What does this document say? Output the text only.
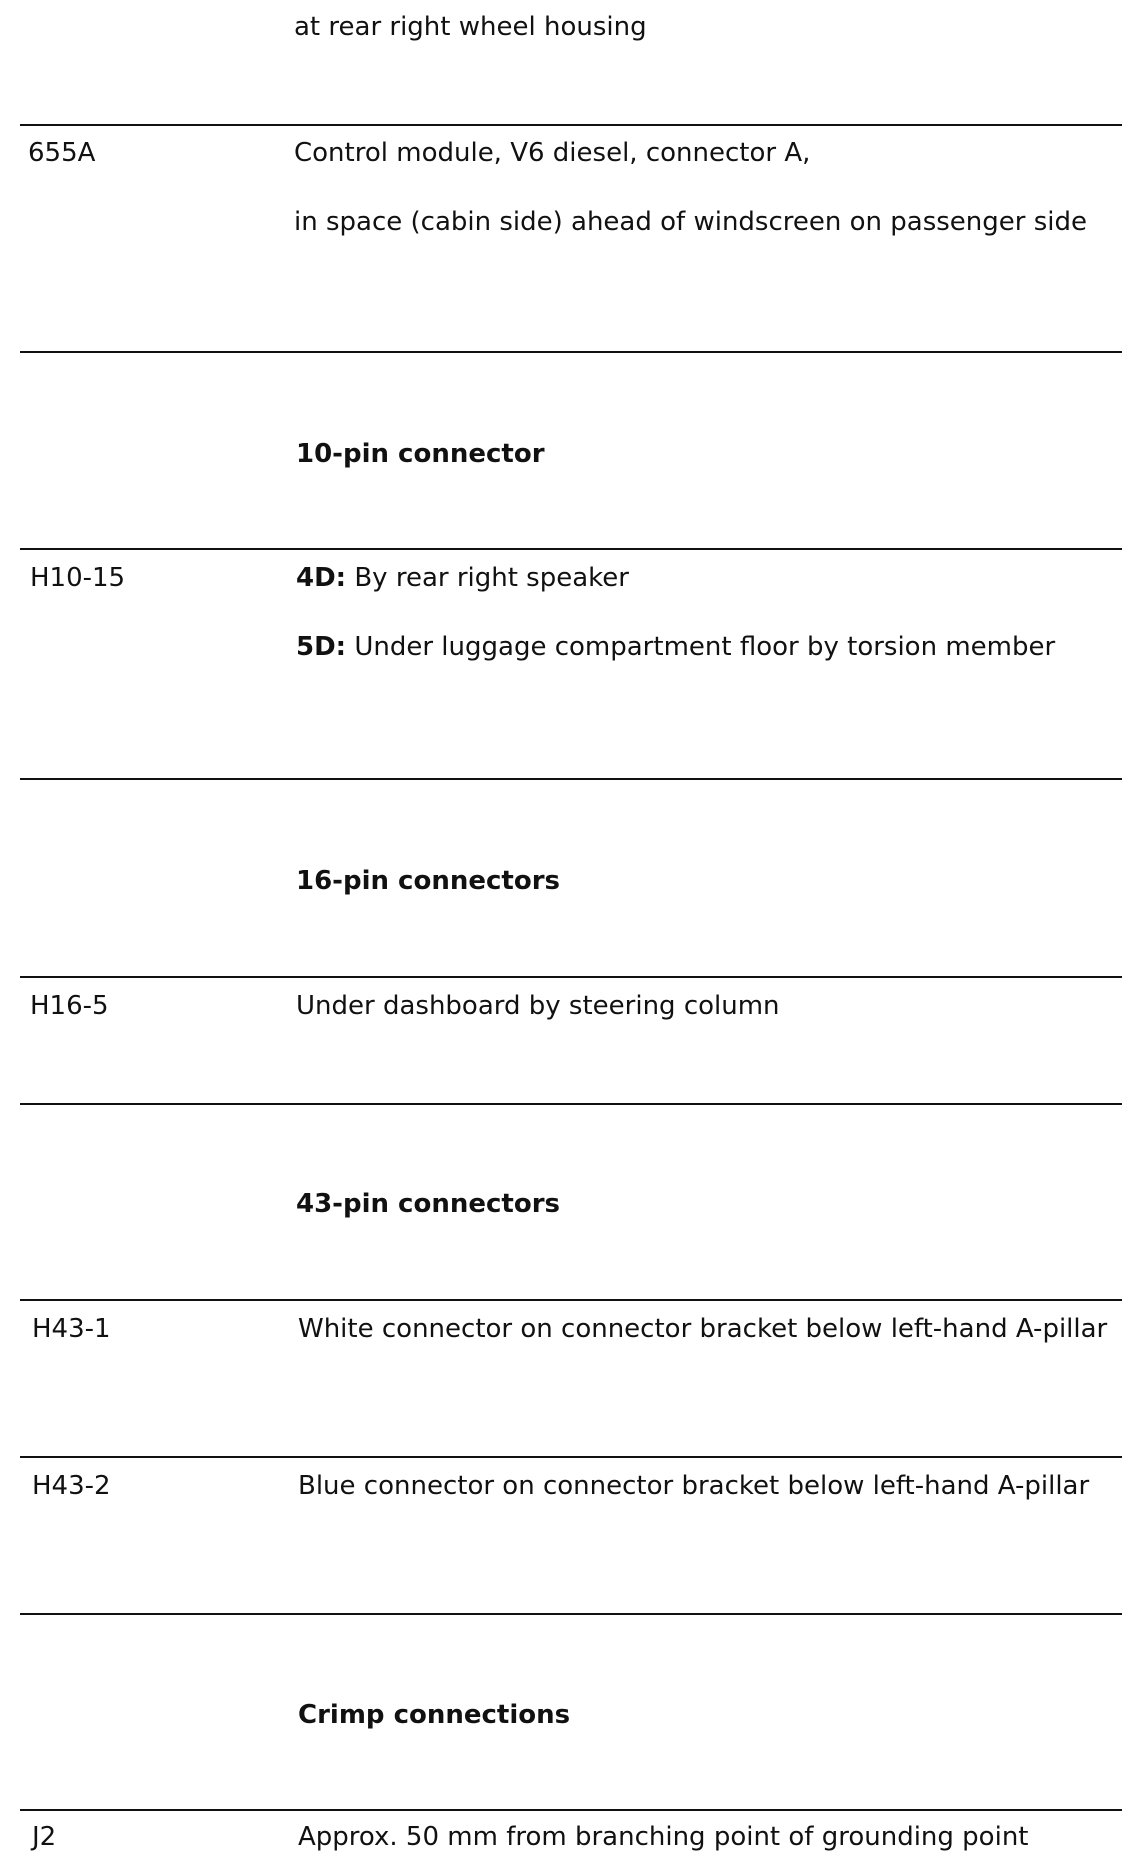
at rear right wheel housing
655A	Control module, V6 diesel, connector A,
in space (cabin side) ahead of windscreen on passenger side
10-pin connector
H10-15	4D: By rear right speaker
5D: Under luggage compartment floor by torsion member
16-pin connectors
H16-5	Under dashboard by steering column
43-pin connectors
H43-1	White connector on connector bracket below left-hand A-pillar
H43-2	Blue connector on connector bracket below left-hand A-pillar
Crimp connections
J2	Approx. 50 mm from branching point of grounding point
